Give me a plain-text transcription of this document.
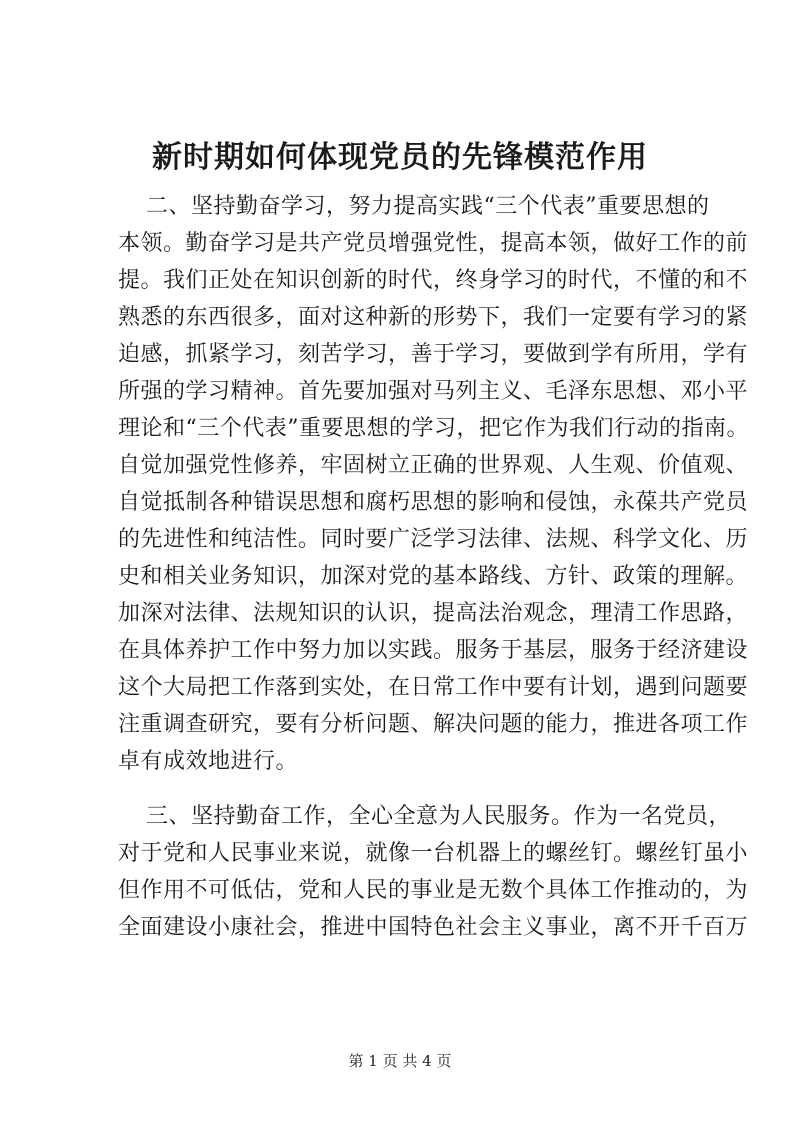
新时期如何体现党员的先锋模范作用
二、坚持勤奋学习，努力提高实践“三个代表”重要思想的
本领。勤奋学习是共产党员增强党性，提高本领，做好工作的前
提。我们正处在知识创新的时代，终身学习的时代，不懂的和不
熟悉的东西很多，面对这种新的形势下，我们一定要有学习的紧
迫感，抓紧学习，刻苦学习，善于学习，要做到学有所用，学有
所强的学习精神。首先要加强对马列主义、毛泽东思想、邓小平
理论和“三个代表”重要思想的学习，把它作为我们行动的指南。
自觉加强党性修养，牢固树立正确的世界观、人生观、价值观、
自觉抵制各种错误思想和腐朽思想的影响和侵蚀，永葆共产党员
的先进性和纯洁性。同时要广泛学习法律、法规、科学文化、历
史和相关业务知识，加深对党的基本路线、方针、政策的理解。
加深对法律、法规知识的认识，提高法治观念，理清工作思路，
在具体养护工作中努力加以实践。服务于基层，服务于经济建设
这个大局把工作落到实处，在日常工作中要有计划，遇到问题要
注重调查研究，要有分析问题、解决问题的能力，推进各项工作
卓有成效地进行。
三、坚持勤奋工作，全心全意为人民服务。作为一名党员，
对于党和人民事业来说，就像一台机器上的螺丝钉。螺丝钉虽小
但作用不可低估，党和人民的事业是无数个具体工作推动的，为
全面建设小康社会，推进中国特色社会主义事业，离不开千百万
第 1 页 共 4 页
